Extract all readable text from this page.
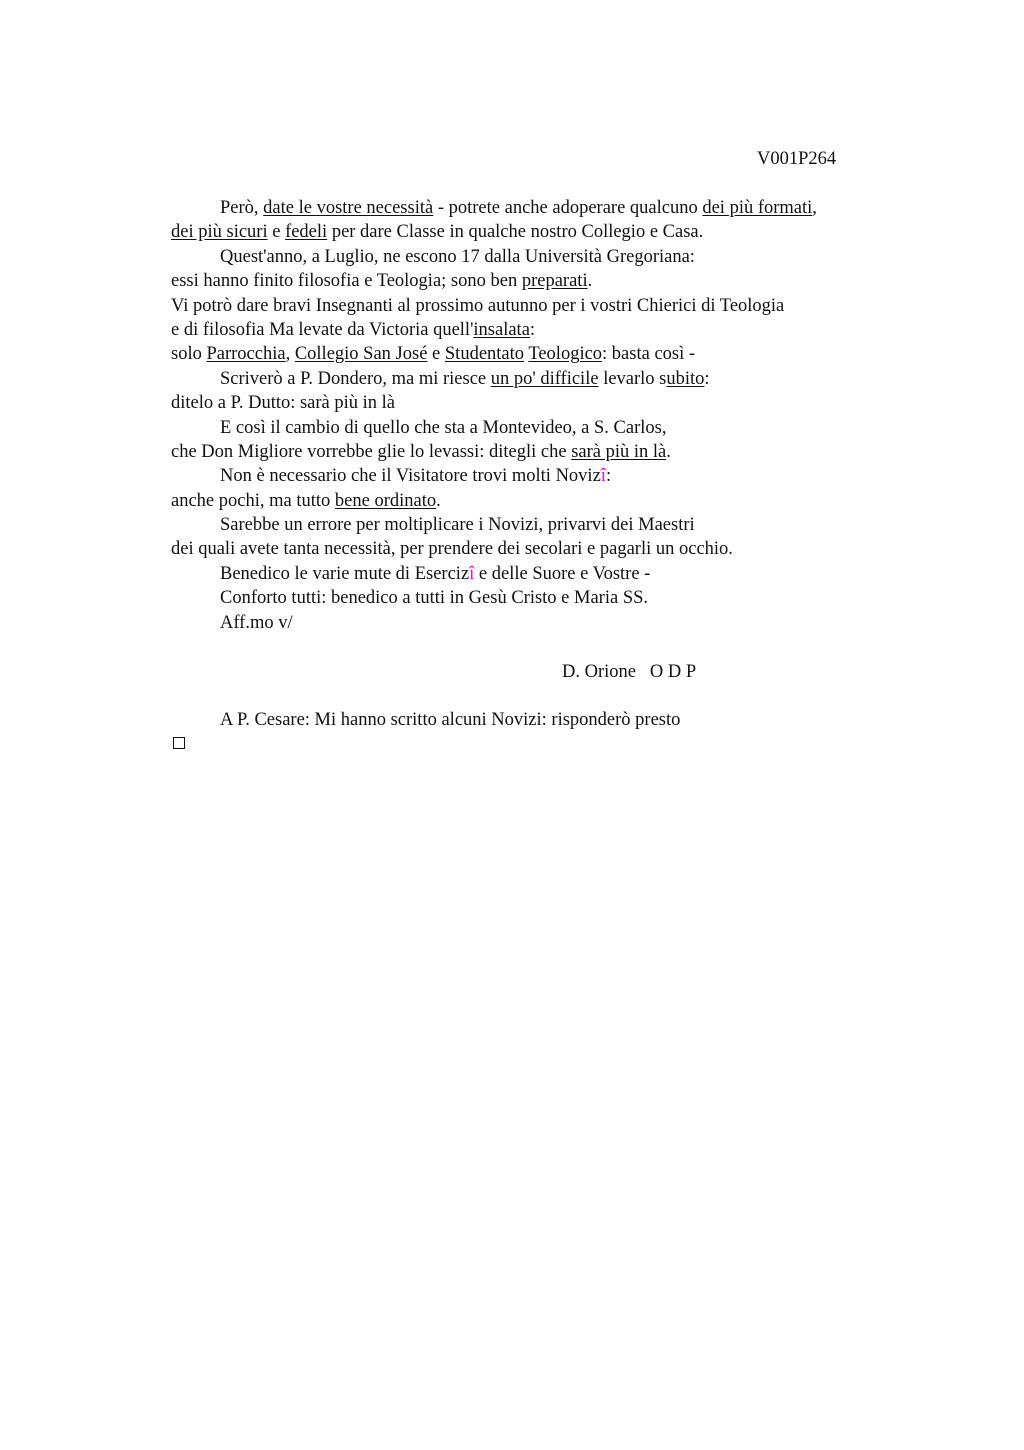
V001P264
Però, date le vostre necessità - potrete anche adoperare qualcuno dei più formati,
dei più sicuri e fedeli per dare Classe in qualche nostro Collegio e Casa.
Quest'anno, a Luglio, ne escono 17 dalla Università Gregoriana:
essi hanno finito filosofia e Teologia; sono ben preparati.
Vi potrò dare bravi Insegnanti al prossimo autunno per i vostri Chierici di Teologia
e di filosofia Ma levate da Victoria quell'insalata:
solo Parrocchia, Collegio San José e Studentato Teologico: basta così -
Scriverò a P. Dondero, ma mi riesce un po' difficile levarlo subito:
ditelo a P. Dutto: sarà più in là
E così il cambio di quello che sta a Montevideo, a S. Carlos,
che Don Migliore vorrebbe glie lo levassi: ditegli che sarà più in là.
Non è necessario che il Visitatore trovi molti Novizî:
anche pochi, ma tutto bene ordinato.
Sarebbe un errore per moltiplicare i Novizi, privarvi dei Maestri
dei quali avete tanta necessità, per prendere dei secolari e pagarli un occhio.
Benedico le varie mute di Esercizî e delle Suore e Vostre -
Conforto tutti: benedico a tutti in Gesù Cristo e Maria SS.
Aff.mo v/
D. Orione   O D P
A P. Cesare: Mi hanno scritto alcuni Novizi: risponderò presto
